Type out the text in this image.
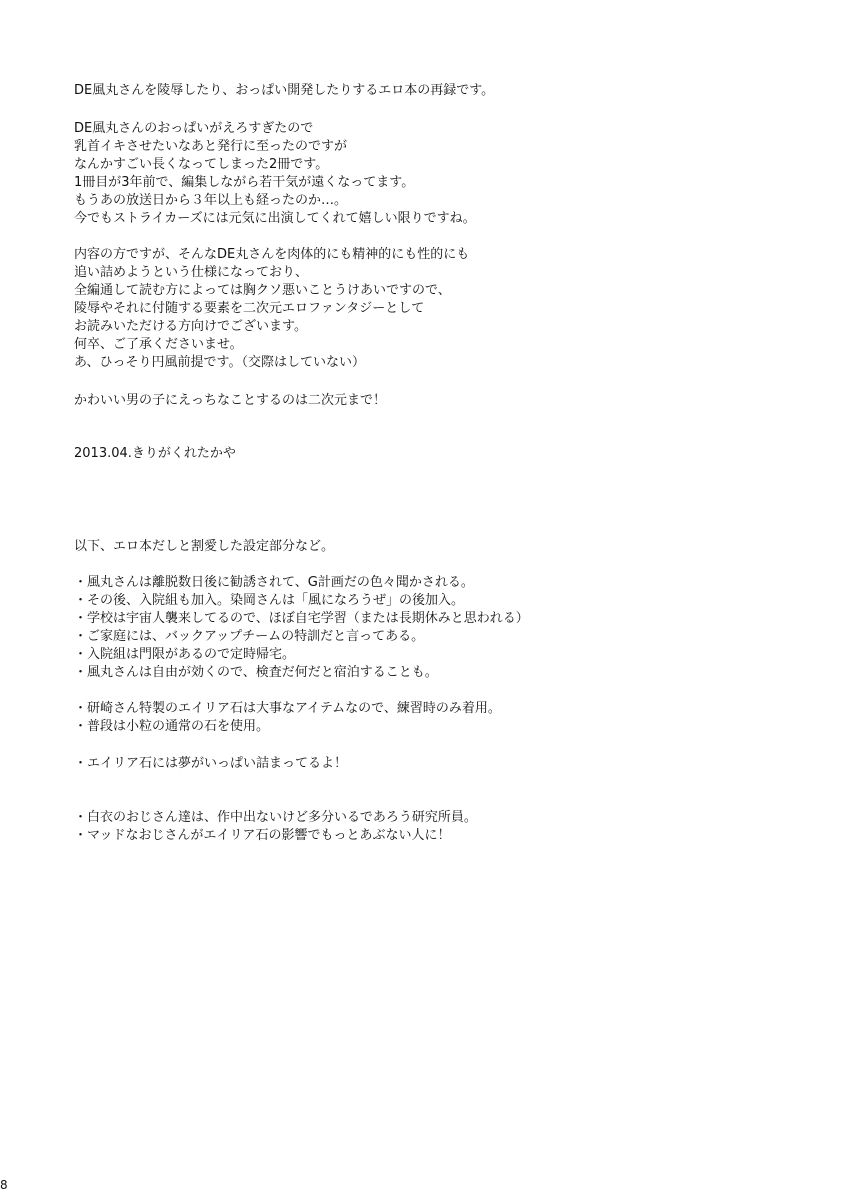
DE風丸さんを陵辱したり、おっぱい開発したりするエロ本の再録です。
DE風丸さんのおっぱいがえろすぎたので
乳首イキさせたいなあと発行に至ったのですが
なんかすごい長くなってしまった2冊です。
1冊目が3年前で、編集しながら若干気が遠くなってます。
もうあの放送日から３年以上も経ったのか…。
今でもストライカーズには元気に出演してくれて嬉しい限りですね。
内容の方ですが、そんなDE丸さんを肉体的にも精神的にも性的にも
追い詰めようという仕様になっており、
全編通して読む方によっては胸クソ悪いことうけあいですので、
陵辱やそれに付随する要素を二次元エロファンタジーとして
お読みいただける方向けでございます。
何卒、ご了承くださいませ。
あ、ひっそり円風前提です。（交際はしていない）
かわいい男の子にえっちなことするのは二次元まで！
2013.04.きりがくれたかや
以下、エロ本だしと割愛した設定部分など。
・風丸さんは離脱数日後に勧誘されて、G計画だの色々聞かされる。
・その後、入院組も加入。染岡さんは「風になろうぜ」の後加入。
・学校は宇宙人襲来してるので、ほぼ自宅学習（または長期休みと思われる）
・ご家庭には、バックアップチームの特訓だと言ってある。
・入院組は門限があるので定時帰宅。
・風丸さんは自由が効くので、検査だ何だと宿泊することも。
・研崎さん特製のエイリア石は大事なアイテムなので、練習時のみ着用。
・普段は小粒の通常の石を使用。
・エイリア石には夢がいっぱい詰まってるよ！
・白衣のおじさん達は、作中出ないけど多分いるであろう研究所員。
・マッドなおじさんがエイリア石の影響でもっとあぶない人に！
8
